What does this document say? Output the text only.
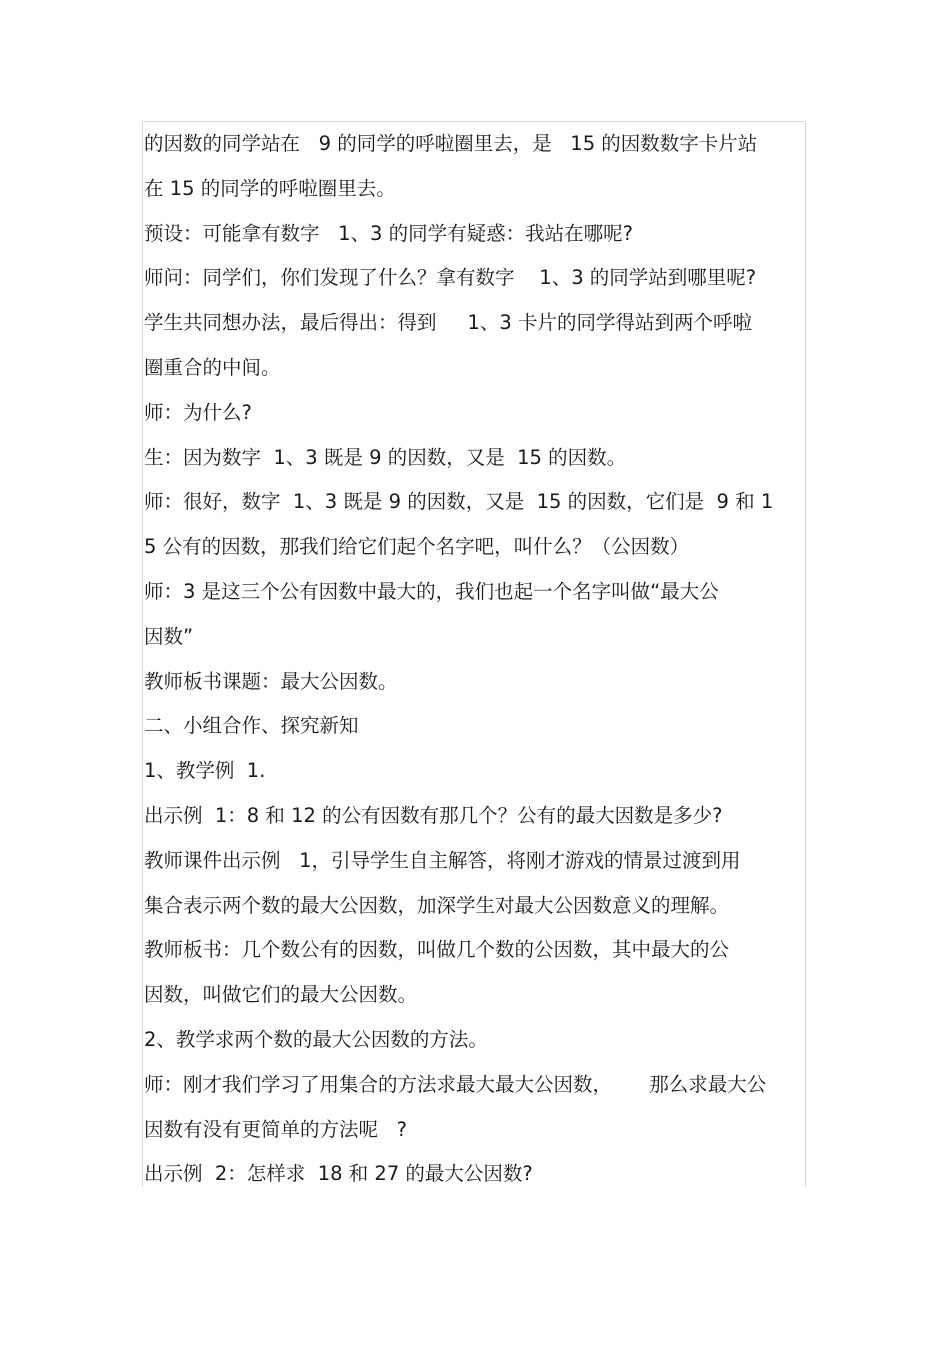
的因数的同学站在   9 的同学的呼啦圈里去，是   15 的因数数字卡片站
在 15 的同学的呼啦圈里去。
预设：可能拿有数字   1、3 的同学有疑惑：我站在哪呢?
师问：同学们，你们发现了什么？拿有数字    1、3 的同学站到哪里呢?
学生共同想办法，最后得出：得到     1、3 卡片的同学得站到两个呼啦
圈重合的中间。
师：为什么?
生：因为数字  1、3 既是 9 的因数，又是  15 的因数。
师：很好，数字  1、3 既是 9 的因数，又是  15 的因数，它们是  9 和 1
5 公有的因数，那我们给它们起个名字吧，叫什么？（公因数）
师：3 是这三个公有因数中最大的，我们也起一个名字叫做“最大公
因数”
教师板书课题：最大公因数。
二、小组合作、探究新知
1、教学例  1.
出示例  1：8 和 12 的公有因数有那几个？公有的最大因数是多少?
教师课件出示例   1，引导学生自主解答，将刚才游戏的情景过渡到用
集合表示两个数的最大公因数，加深学生对最大公因数意义的理解。
教师板书：几个数公有的因数，叫做几个数的公因数，其中最大的公
因数，叫做它们的最大公因数。
2、教学求两个数的最大公因数的方法。
师：刚才我们学习了用集合的方法求最大最大公因数，      那么求最大公
因数有没有更简单的方法呢   ?
出示例  2：怎样求  18 和 27 的最大公因数?
